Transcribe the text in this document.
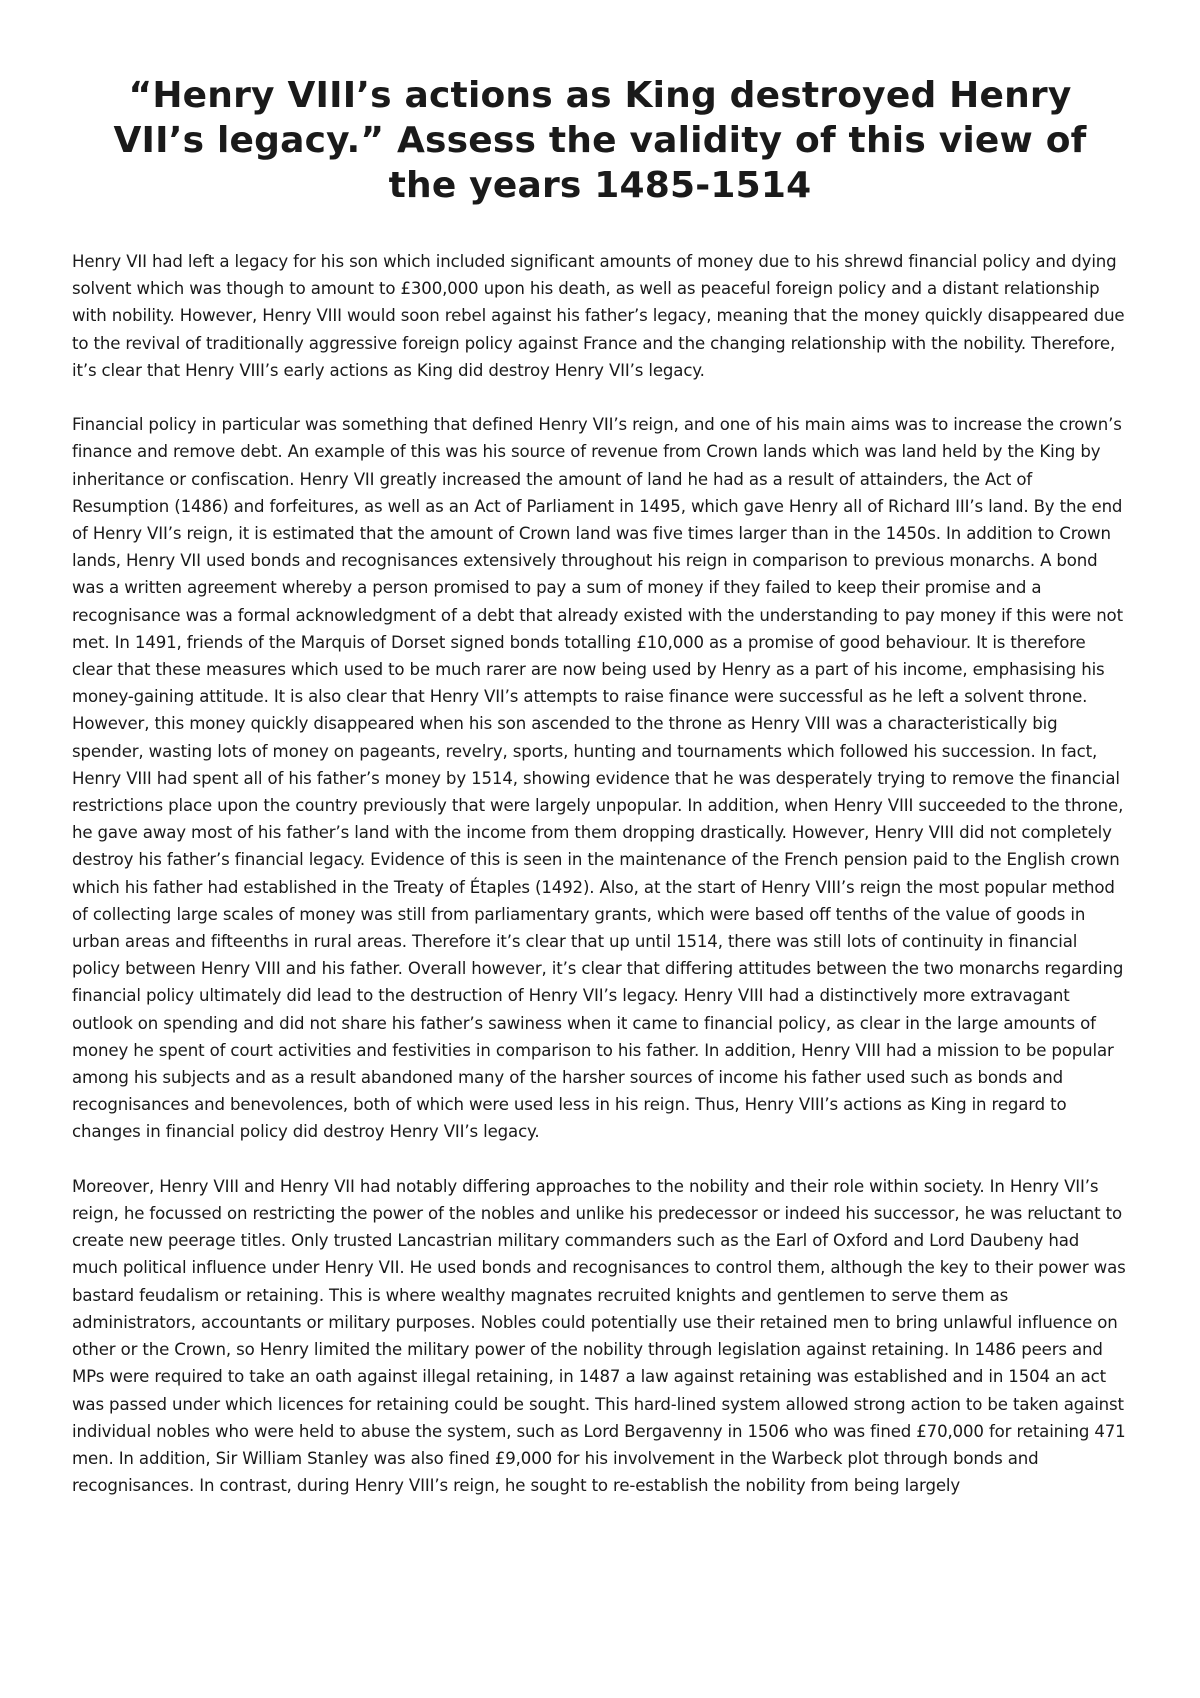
“Henry VIII’s actions as King destroyed Henry VII’s legacy.” Assess the validity of this view of the years 1485-1514

Henry VII had left a legacy for his son which included significant amounts of money due to his shrewd financial policy and dying solvent which was though to amount to £300,000 upon his death, as well as peaceful foreign policy and a distant relationship with nobility. However, Henry VIII would soon rebel against his father’s legacy, meaning that the money quickly disappeared due to the revival of traditionally aggressive foreign policy against France and the changing relationship with the nobility. Therefore, it’s clear that Henry VIII’s early actions as King did destroy Henry VII’s legacy.

Financial policy in particular was something that defined Henry VII’s reign, and one of his main aims was to increase the crown’s finance and remove debt. An example of this was his source of revenue from Crown lands which was land held by the King by inheritance or confiscation. Henry VII greatly increased the amount of land he had as a result of attainders, the Act of Resumption (1486) and forfeitures, as well as an Act of Parliament in 1495, which gave Henry all of Richard III’s land. By the end of Henry VII’s reign, it is estimated that the amount of Crown land was five times larger than in the 1450s. In addition to Crown lands, Henry VII used bonds and recognisances extensively throughout his reign in comparison to previous monarchs. A bond was a written agreement whereby a person promised to pay a sum of money if they failed to keep their promise and a recognisance was a formal acknowledgment of a debt that already existed with the understanding to pay money if this were not met. In 1491, friends of the Marquis of Dorset signed bonds totalling £10,000 as a promise of good behaviour. It is therefore clear that these measures which used to be much rarer are now being used by Henry as a part of his income, emphasising his money-gaining attitude. It is also clear that Henry VII’s attempts to raise finance were successful as he left a solvent throne. However, this money quickly disappeared when his son ascended to the throne as Henry VIII was a characteristically big spender, wasting lots of money on pageants, revelry, sports, hunting and tournaments which followed his succession. In fact, Henry VIII had spent all of his father’s money by 1514, showing evidence that he was desperately trying to remove the financial restrictions place upon the country previously that were largely unpopular. In addition, when Henry VIII succeeded to the throne, he gave away most of his father’s land with the income from them dropping drastically. However, Henry VIII did not completely destroy his father’s financial legacy. Evidence of this is seen in the maintenance of the French pension paid to the English crown which his father had established in the Treaty of Étaples (1492). Also, at the start of Henry VIII’s reign the most popular method of collecting large scales of money was still from parliamentary grants, which were based off tenths of the value of goods in urban areas and fifteenths in rural areas. Therefore it’s clear that up until 1514, there was still lots of continuity in financial policy between Henry VIII and his father. Overall however, it’s clear that differing attitudes between the two monarchs regarding financial policy ultimately did lead to the destruction of Henry VII’s legacy. Henry VIII had a distinctively more extravagant outlook on spending and did not share his father’s sawiness when it came to financial policy, as clear in the large amounts of money he spent of court activities and festivities in comparison to his father. In addition, Henry VIII had a mission to be popular among his subjects and as a result abandoned many of the harsher sources of income his father used such as bonds and recognisances and benevolences, both of which were used less in his reign. Thus, Henry VIII’s actions as King in regard to changes in financial policy did destroy Henry VII’s legacy.

Moreover, Henry VIII and Henry VII had notably differing approaches to the nobility and their role within society. In Henry VII’s reign, he focussed on restricting the power of the nobles and unlike his predecessor or indeed his successor, he was reluctant to create new peerage titles. Only trusted Lancastrian military commanders such as the Earl of Oxford and Lord Daubeny had much political influence under Henry VII. He used bonds and recognisances to control them, although the key to their power was bastard feudalism or retaining. This is where wealthy magnates recruited knights and gentlemen to serve them as administrators, accountants or military purposes. Nobles could potentially use their retained men to bring unlawful influence on other or the Crown, so Henry limited the military power of the nobility through legislation against retaining. In 1486 peers and MPs were required to take an oath against illegal retaining, in 1487 a law against retaining was established and in 1504 an act was passed under which licences for retaining could be sought. This hard-lined system allowed strong action to be taken against individual nobles who were held to abuse the system, such as Lord Bergavenny in 1506 who was fined £70,000 for retaining 471 men. In addition, Sir William Stanley was also fined £9,000 for his involvement in the Warbeck plot through bonds and recognisances. In contrast, during Henry VIII’s reign, he sought to re-establish the nobility from being largely
